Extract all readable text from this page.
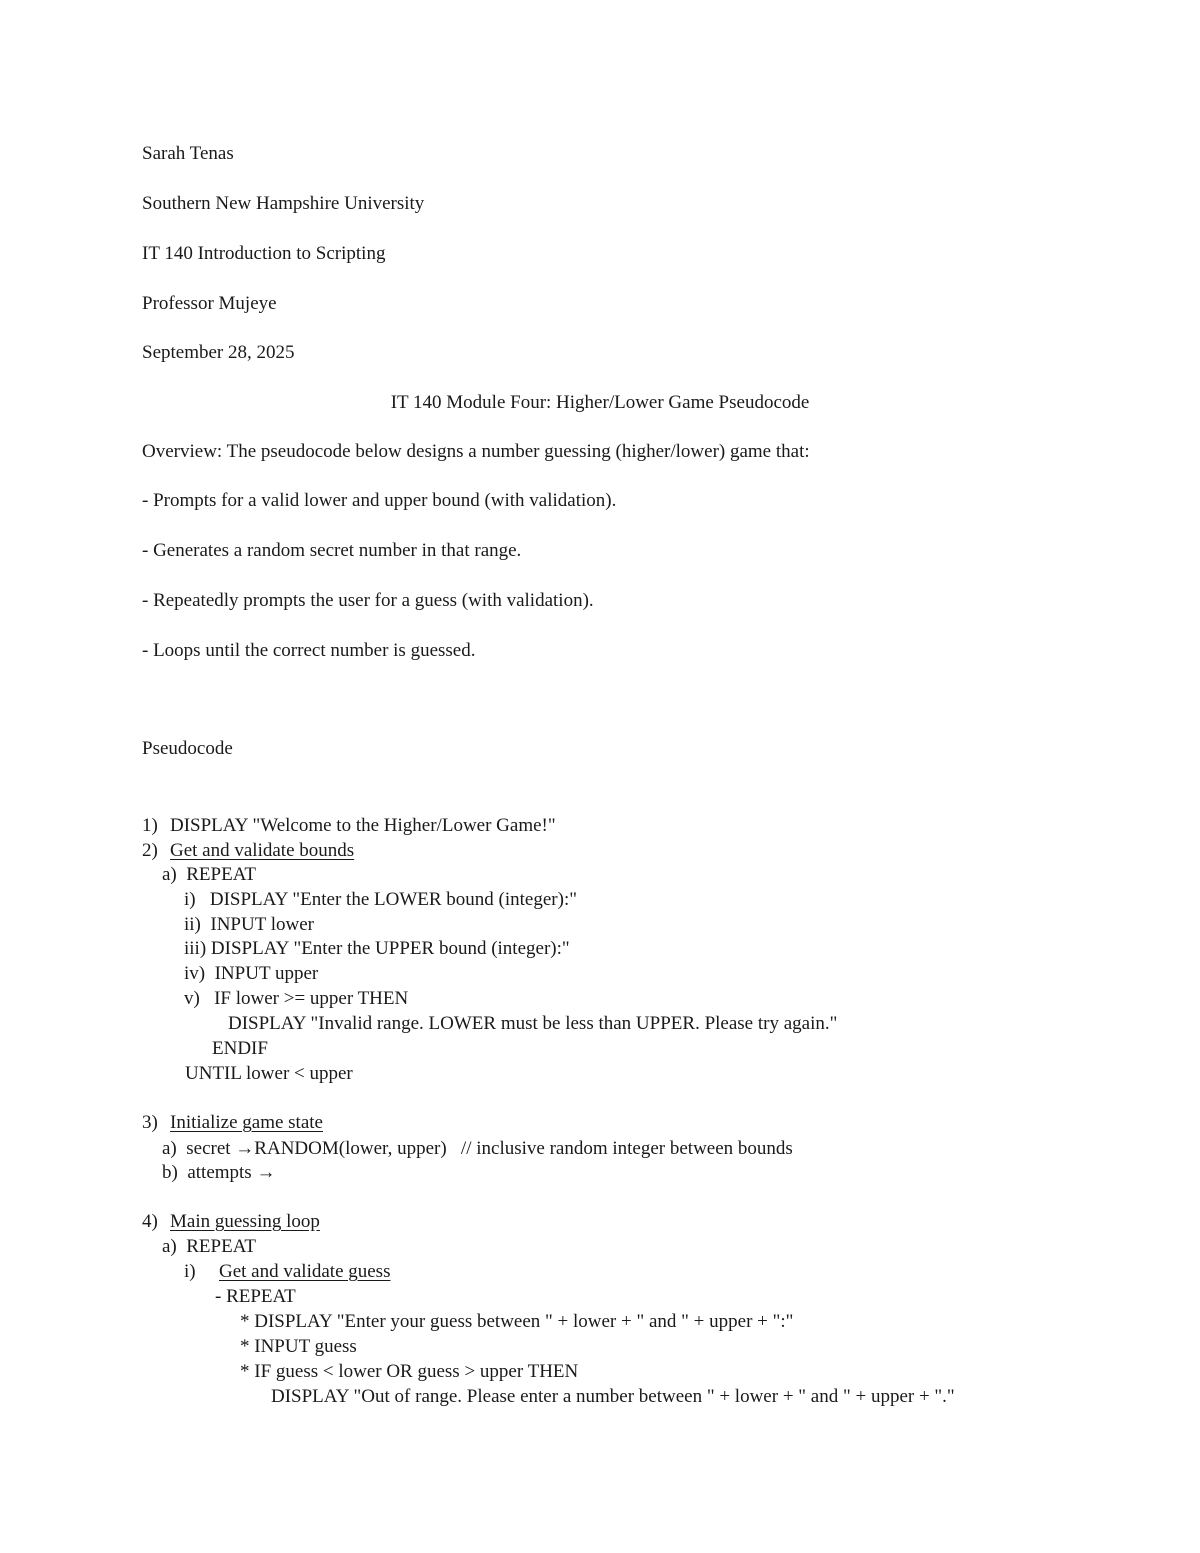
Sarah Tenas
Southern New Hampshire University
IT 140 Introduction to Scripting
Professor Mujeye
September 28, 2025
IT 140 Module Four: Higher/Lower Game Pseudocode
Overview: The pseudocode below designs a number guessing (higher/lower) game that:
- Prompts for a valid lower and upper bound (with validation).
- Generates a random secret number in that range.
- Repeatedly prompts the user for a guess (with validation).
- Loops until the correct number is guessed.
Pseudocode
1) DISPLAY "Welcome to the Higher/Lower Game!"
2) Get and validate bounds
a)  REPEAT
i)   DISPLAY "Enter the LOWER bound (integer):"
ii)  INPUT lower
iii) DISPLAY "Enter the UPPER bound (integer):"
iv)  INPUT upper
v)   IF lower >= upper THEN
DISPLAY "Invalid range. LOWER must be less than UPPER. Please try again."
ENDIF
UNTIL lower < upper
3) Initialize game state
a)  secret →RANDOM(lower, upper)   // inclusive random integer between bounds
b)  attempts →
4) Main guessing loop
a)  REPEAT
i) Get and validate guess
- REPEAT
* DISPLAY "Enter your guess between " + lower + " and " + upper + ":"
* INPUT guess
* IF guess < lower OR guess > upper THEN
DISPLAY "Out of range. Please enter a number between " + lower + " and " + upper + "."
